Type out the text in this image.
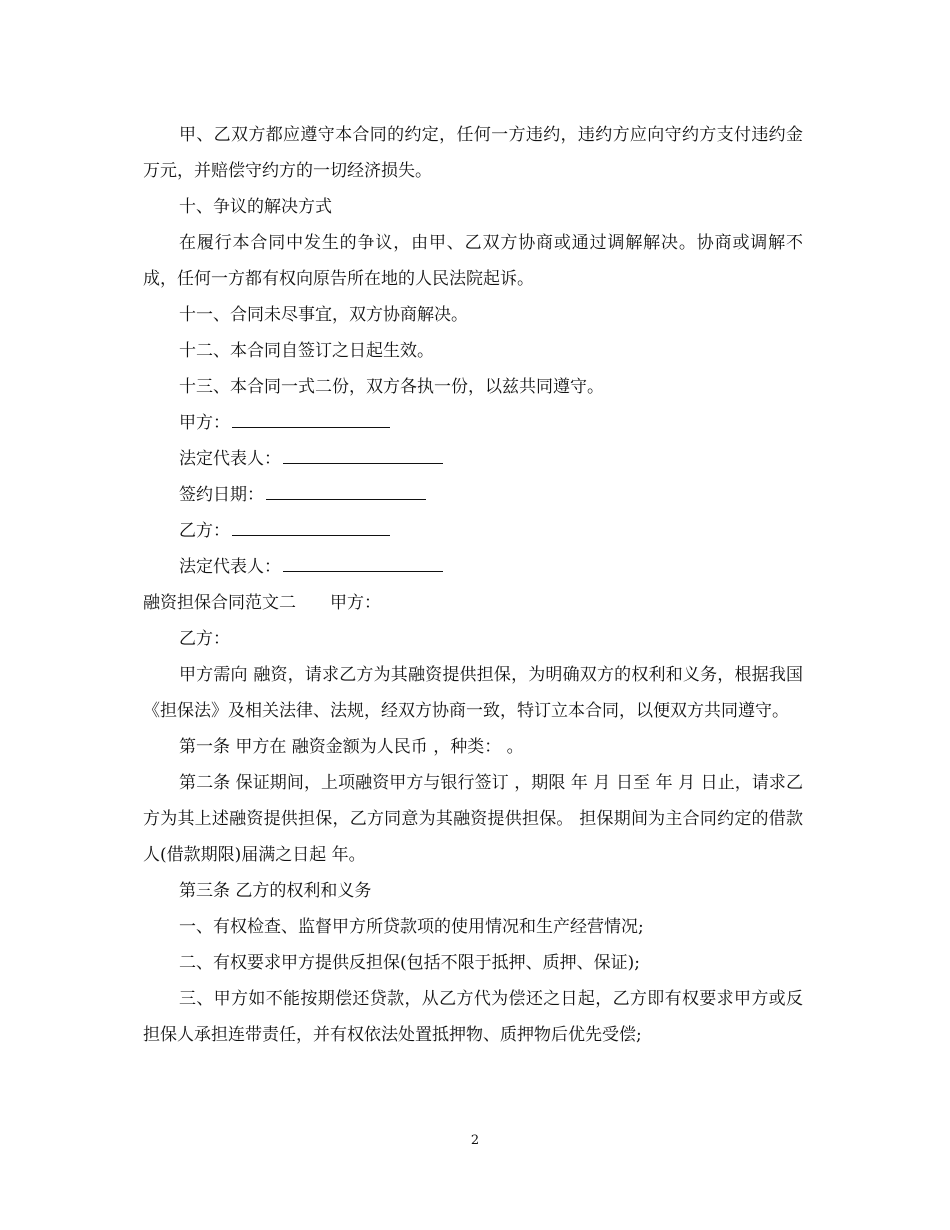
甲、乙双方都应遵守本合同的约定，任何一方违约，违约方应向守约方支付违约金 万元，并赔偿守约方的一切经济损失。

十、争议的解决方式

在履行本合同中发生的争议，由甲、乙双方协商或通过调解解决。协商或调解不成，任何一方都有权向原告所在地的人民法院起诉。

十一、合同未尽事宜，双方协商解决。

十二、本合同自签订之日起生效。

十三、本合同一式二份，双方各执一份，以兹共同遵守。

甲方：
法定代表人：
签约日期：
乙方：
法定代表人：
融资担保合同范文二 甲方：

乙方：

甲方需向 融资，请求乙方为其融资提供担保，为明确双方的权利和义务，根据我国《担保法》及相关法律、法规，经双方协商一致，特订立本合同，以便双方共同遵守。

第一条 甲方在 融资金额为人民币 ，种类： 。

第二条 保证期间，上项融资甲方与银行签订 ，期限 年 月 日至 年 月 日止，请求乙方为其上述融资提供担保，乙方同意为其融资提供担保。 担保期间为主合同约定的借款人(借款期限)届满之日起 年。

第三条 乙方的权利和义务

一、有权检查、监督甲方所贷款项的使用情况和生产经营情况;

二、有权要求甲方提供反担保(包括不限于抵押、质押、保证);

三、甲方如不能按期偿还贷款，从乙方代为偿还之日起，乙方即有权要求甲方或反担保人承担连带责任，并有权依法处置抵押物、质押物后优先受偿;

2
